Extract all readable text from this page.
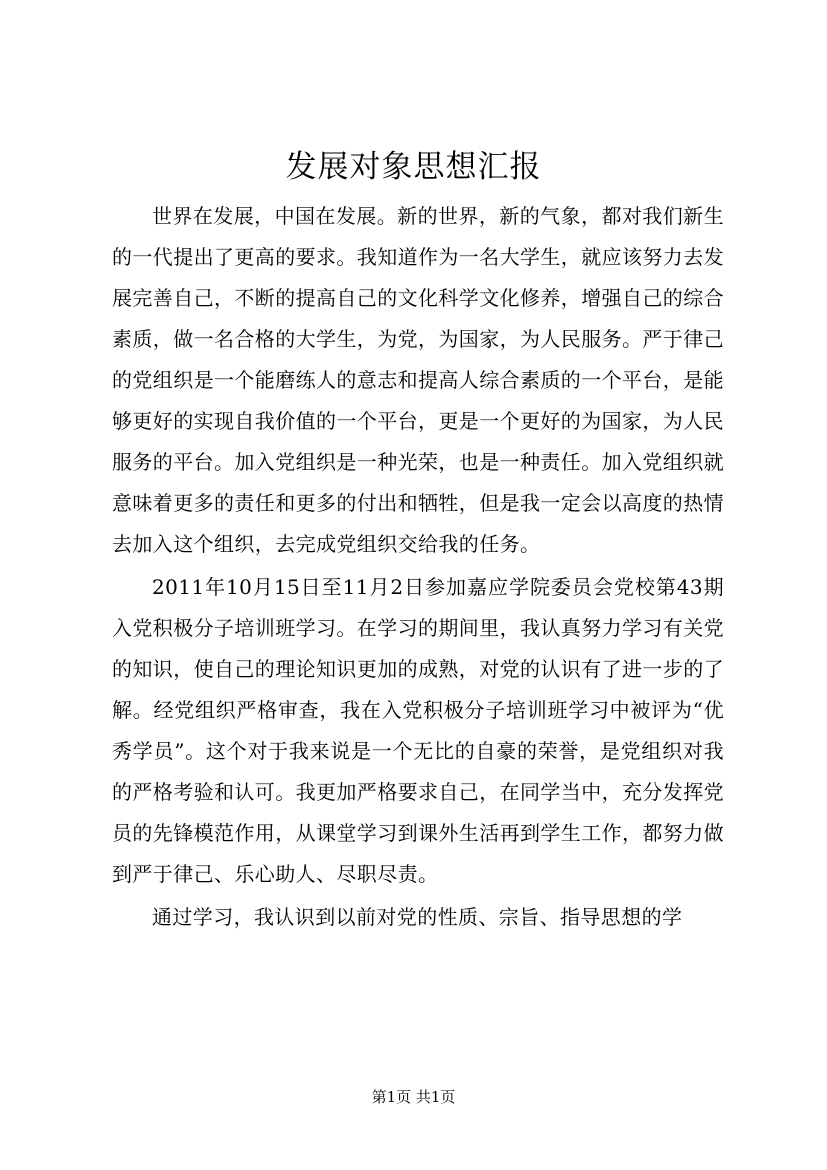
发展对象思想汇报

世界在发展，中国在发展。新的世界，新的气象，都对我们新生的一代提出了更高的要求。我知道作为一名大学生，就应该努力去发展完善自己，不断的提高自己的文化科学文化修养，增强自己的综合素质，做一名合格的大学生，为党，为国家，为人民服务。严于律己的党组织是一个能磨练人的意志和提高人综合素质的一个平台，是能够更好的实现自我价值的一个平台，更是一个更好的为国家，为人民服务的平台。加入党组织是一种光荣，也是一种责任。加入党组织就意味着更多的责任和更多的付出和牺牲，但是我一定会以高度的热情去加入这个组织，去完成党组织交给我的任务。

2011年10月15日至11月2日参加嘉应学院委员会党校第43期入党积极分子培训班学习。在学习的期间里，我认真努力学习有关党的知识，使自己的理论知识更加的成熟，对党的认识有了进一步的了解。经党组织严格审查，我在入党积极分子培训班学习中被评为“优秀学员”。这个对于我来说是一个无比的自豪的荣誉，是党组织对我的严格考验和认可。我更加严格要求自己，在同学当中，充分发挥党员的先锋模范作用，从课堂学习到课外生活再到学生工作，都努力做到严于律己、乐心助人、尽职尽责。

通过学习，我认识到以前对党的性质、宗旨、指导思想的学

第1页 共1页
